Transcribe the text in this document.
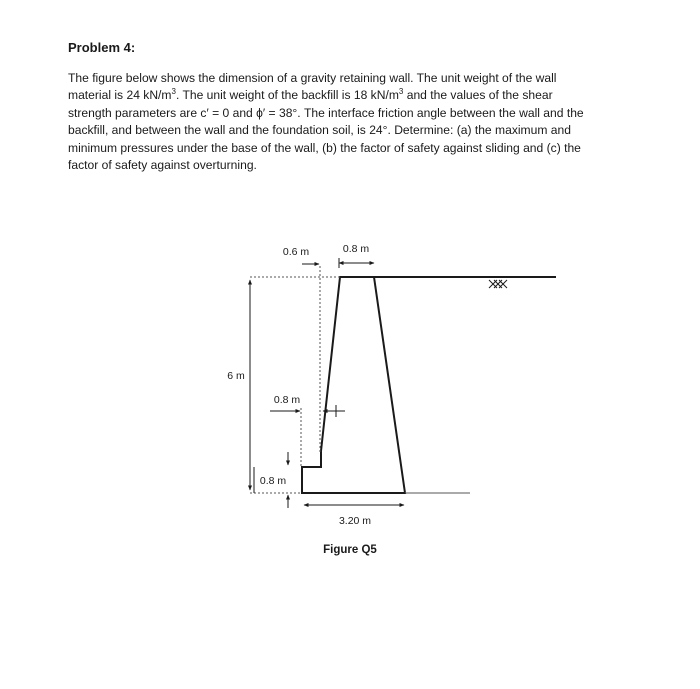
Problem 4:
The figure below shows the dimension of a gravity retaining wall. The unit weight of the wall
material is 24 $kN/m^3$. The unit weight of the backfill is 18 $kN/m^3$ and the values of the shear
strength parameters are c′ = 0 and ϕ′ = 38°. The interface friction angle between the wall and the
backfill, and between the wall and the foundation soil, is 24°. Determine: (a) the maximum and
minimum pressures under the base of the wall, (b) the factor of safety against sliding and (c) the
factor of safety against overturning.
0.6 m	0.8 m
6 m
0.8 m
0.8 m
3.20 m
Figure Q5
